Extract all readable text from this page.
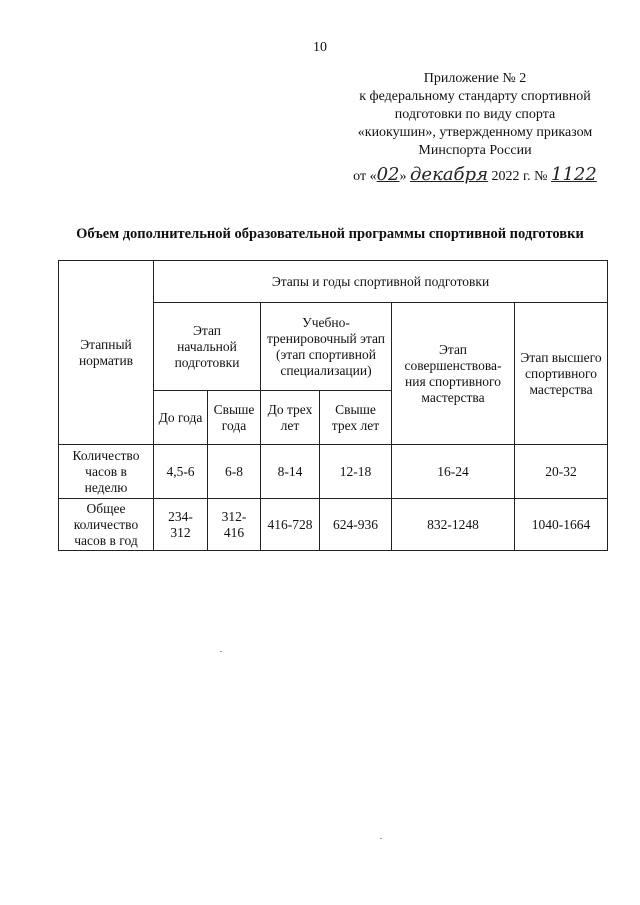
10
Приложение № 2
к федеральному стандарту спортивной
подготовки по виду спорта
«киокушин», утвержденному приказом
Минспорта России
от «02» декабря 2022 г. № 1122
Объем дополнительной образовательной программы спортивной подготовки
Этапный норматив	Этапы и годы спортивной подготовки					
	Этап начальной подготовки		Учебно-тренировочный этап (этап спортивной специализации)		Этап совершенствова-ния спортивного мастерства	Этап высшего спортивного мастерства
	До года	Свыше года	До трех лет	Свыше трех лет		
Количество часов в неделю	4,5-6	6-8	8-14	12-18	16-24	20-32
Общее количество часов в год	234-312	312-416	416-728	624-936	832-1248	1040-1664
